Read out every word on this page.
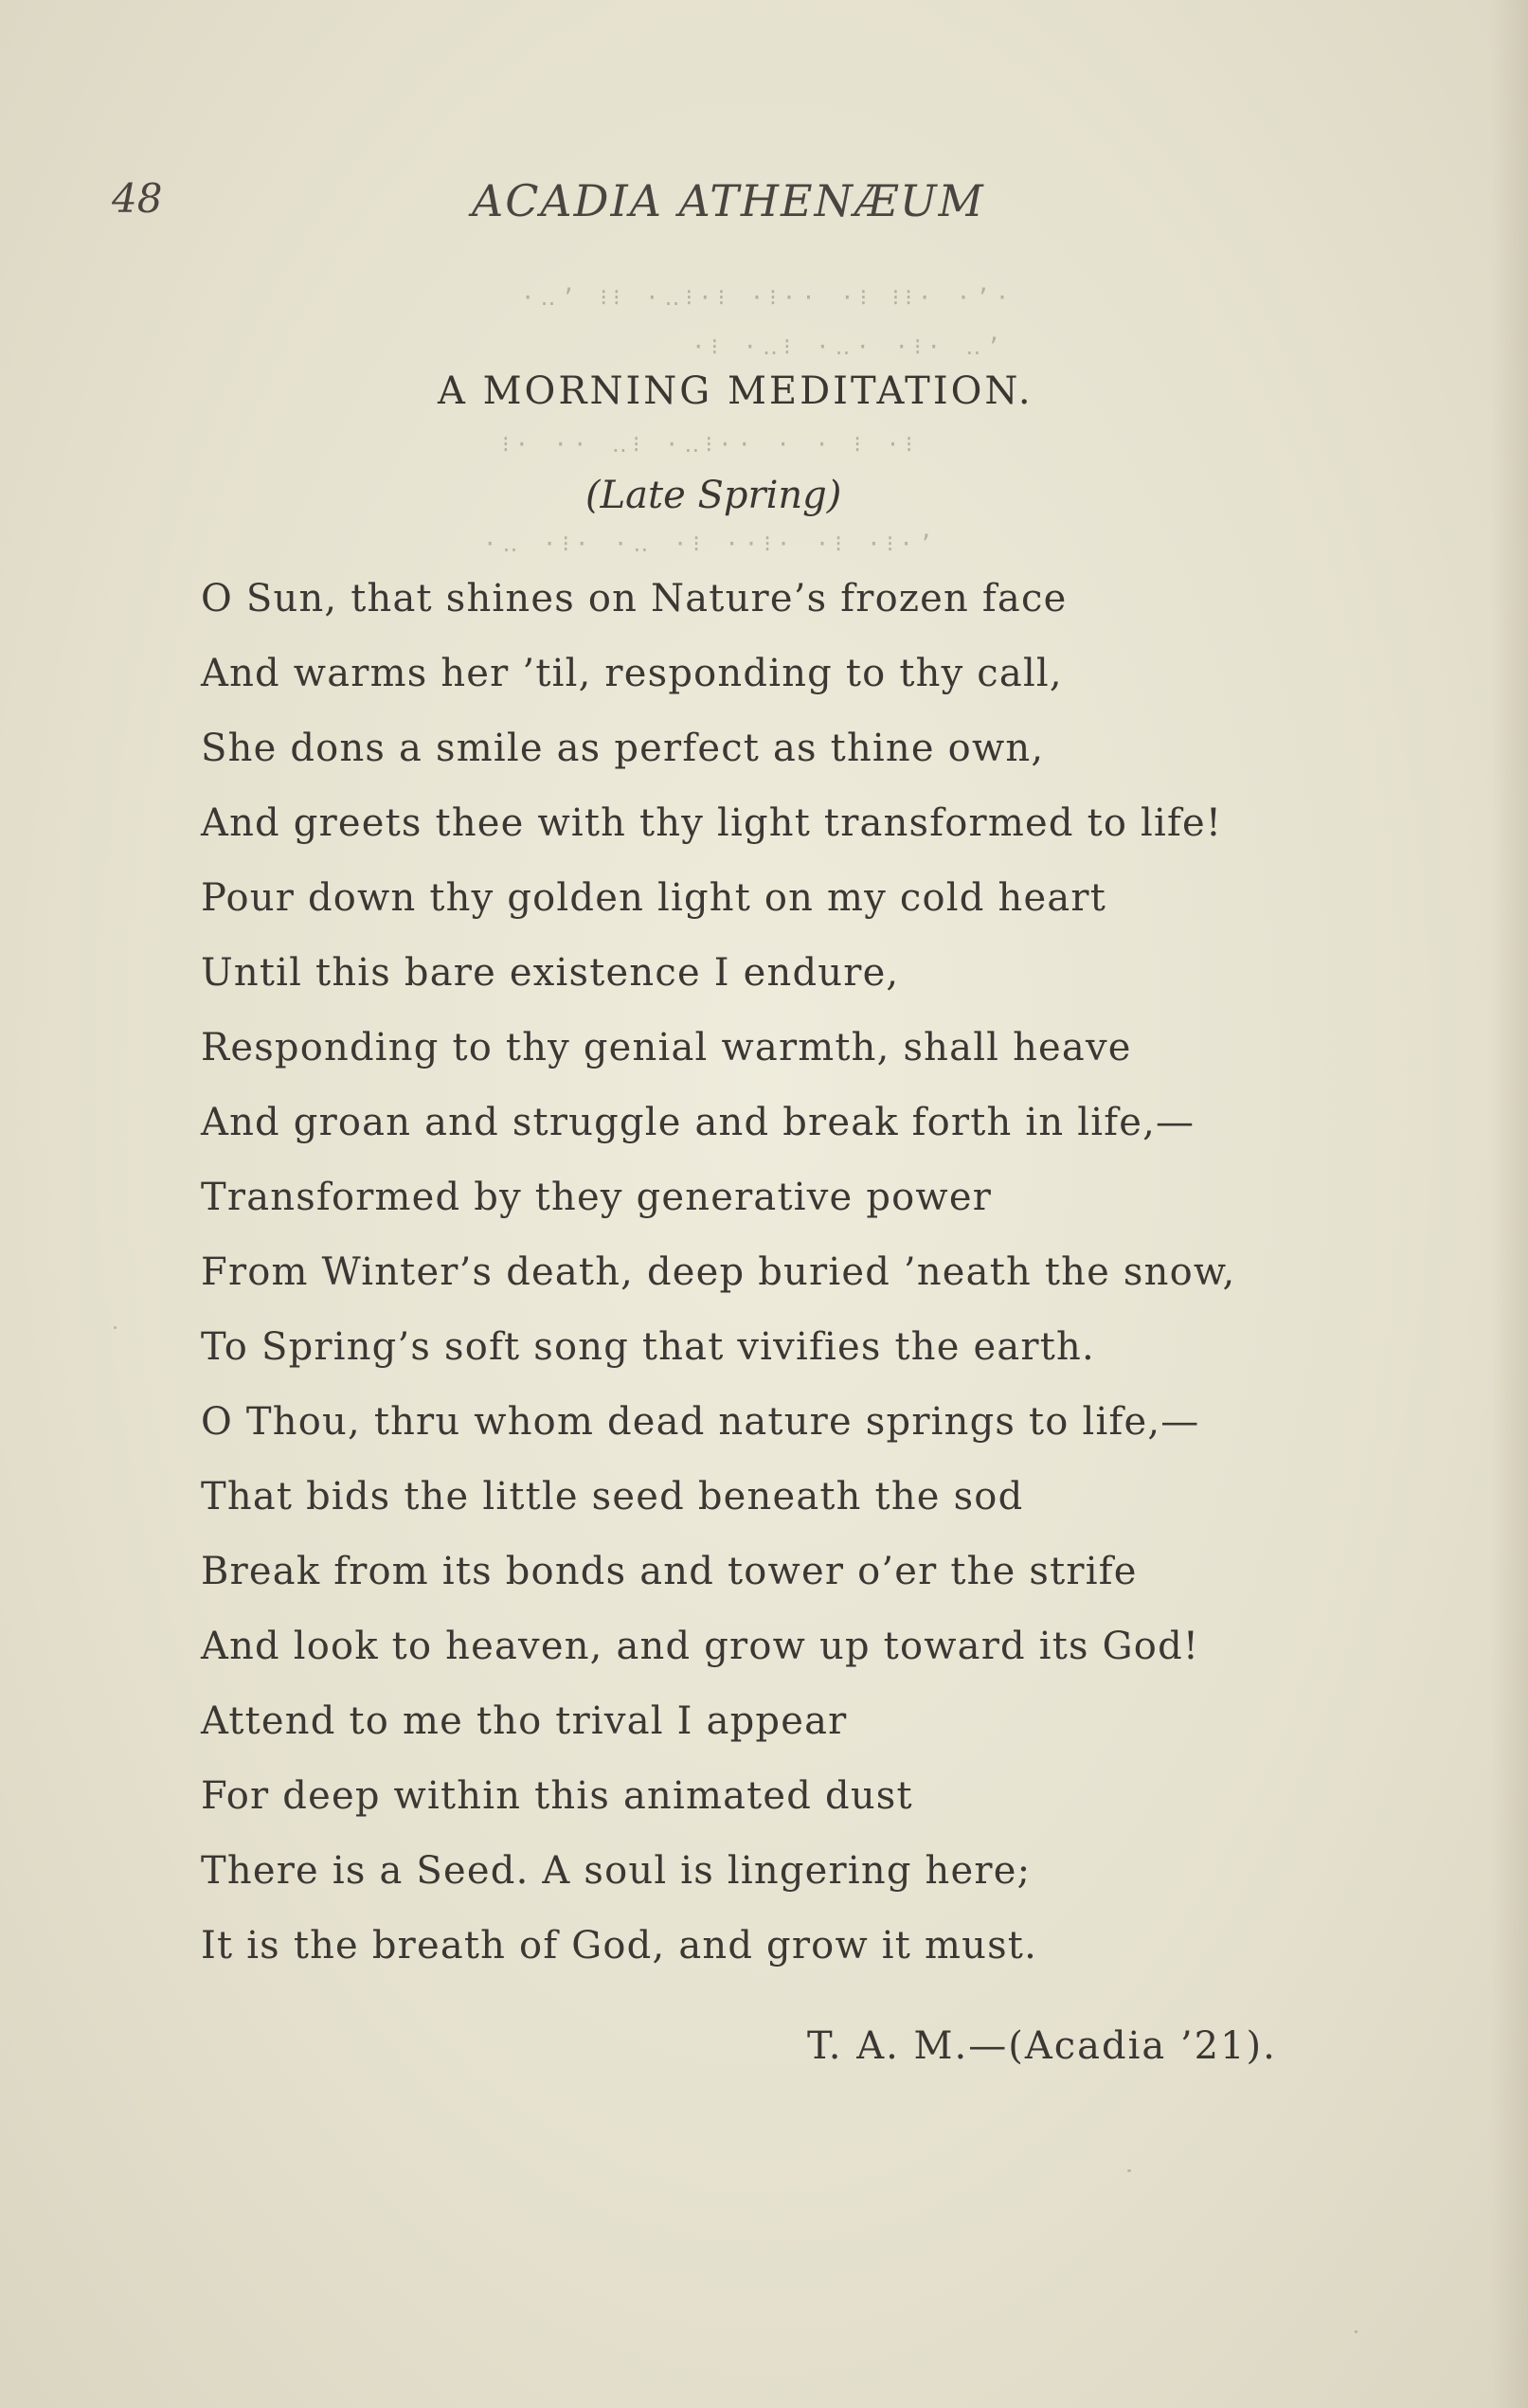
48	ACADIA ATHENÆUM
·‥’ ⁝⁝ ·‥⁝·⁝ ·⁝·· ·⁝ ⁝⁝· ·’·
·⁝ ·‥⁝ ·‥· ·⁝· ‥’
⁝· ·· ‥⁝ ·‥⁝·· · · ⁝ ·⁝
·‥ ·⁝· ·‥ ·⁝ ··⁝· ·⁝ ·⁝·’
A MORNING MEDITATION.
(Late Spring)
O Sun, that shines on Nature’s frozen face
And warms her ’til, responding to thy call,
She dons a smile as perfect as thine own,
And greets thee with thy light transformed to life!
Pour down thy golden light on my cold heart
Until this bare existence I endure,
Responding to thy genial warmth, shall heave
And groan and struggle and break forth in life,—
Transformed by they generative power
From Winter’s death, deep buried ’neath the snow,
To Spring’s soft song that vivifies the earth.
O Thou, thru whom dead nature springs to life,—
That bids the little seed beneath the sod
Break from its bonds and tower o’er the strife
And look to heaven, and grow up toward its God!
Attend to me tho trival I appear
For deep within this animated dust
There is a Seed. A soul is lingering here;
It is the breath of God, and grow it must.
T. A. M.—(Acadia ’21).
